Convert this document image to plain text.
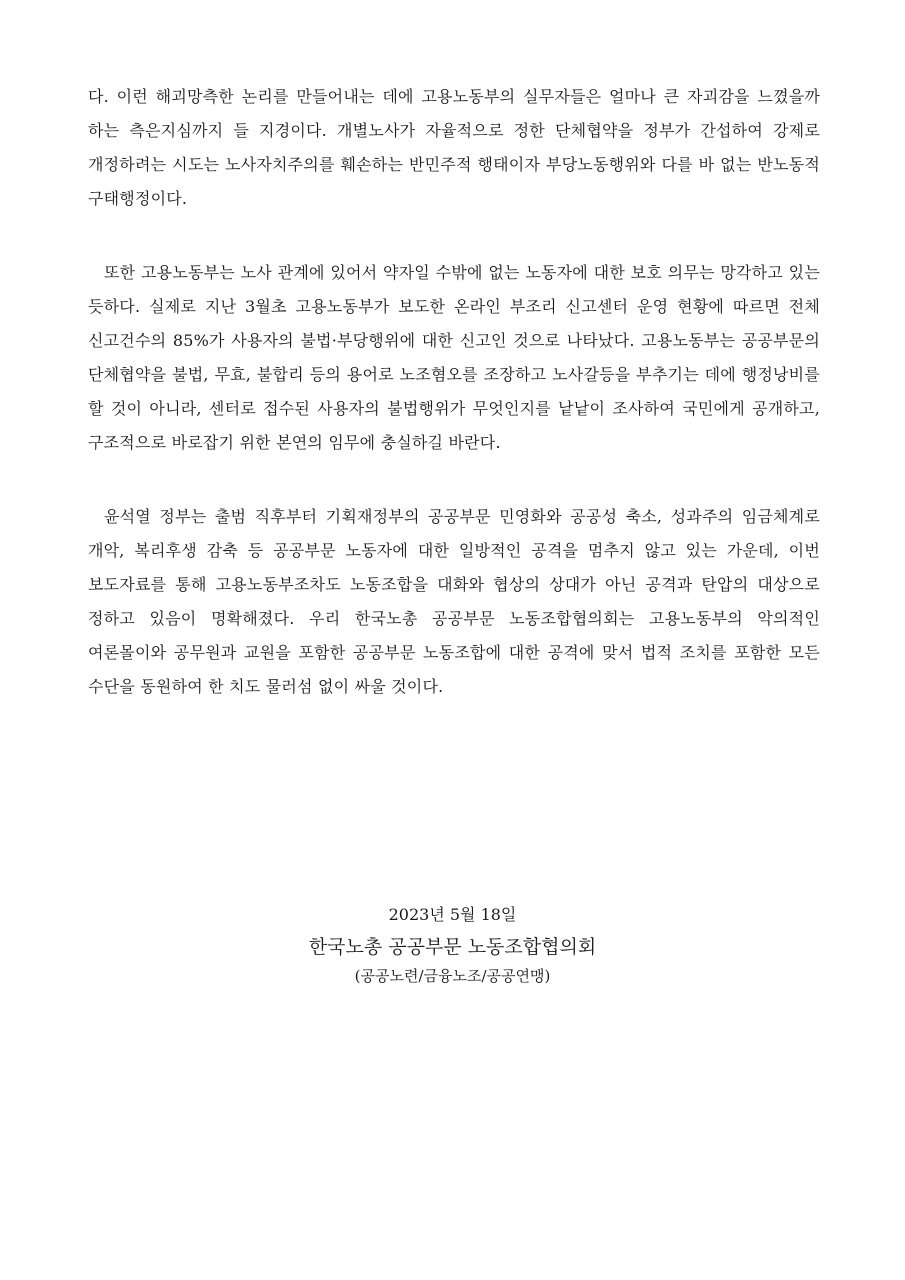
다. 이런 해괴망측한 논리를 만들어내는 데에 고용노동부의 실무자들은 얼마나 큰 자괴감을 느꼈을까 하는 측은지심까지 들 지경이다. 개별노사가 자율적으로 정한 단체협약을 정부가 간섭하여 강제로 개정하려는 시도는 노사자치주의를 훼손하는 반민주적 행태이자 부당노동행위와 다를 바 없는 반노동적 구태행정이다.

또한 고용노동부는 노사 관계에 있어서 약자일 수밖에 없는 노동자에 대한 보호 의무는 망각하고 있는 듯하다. 실제로 지난 3월초 고용노동부가 보도한 온라인 부조리 신고센터 운영 현황에 따르면 전체 신고건수의 85%가 사용자의 불법·부당행위에 대한 신고인 것으로 나타났다. 고용노동부는 공공부문의 단체협약을 불법, 무효, 불합리 등의 용어로 노조혐오를 조장하고 노사갈등을 부추기는 데에 행정낭비를 할 것이 아니라, 센터로 접수된 사용자의 불법행위가 무엇인지를 낱낱이 조사하여 국민에게 공개하고, 구조적으로 바로잡기 위한 본연의 임무에 충실하길 바란다.

윤석열 정부는 출범 직후부터 기획재정부의 공공부문 민영화와 공공성 축소, 성과주의 임금체계로 개악, 복리후생 감축 등 공공부문 노동자에 대한 일방적인 공격을 멈추지 않고 있는 가운데, 이번 보도자료를 통해 고용노동부조차도 노동조합을 대화와 협상의 상대가 아닌 공격과 탄압의 대상으로 정하고 있음이 명확해졌다. 우리 한국노총 공공부문 노동조합협의회는 고용노동부의 악의적인 여론몰이와 공무원과 교원을 포함한 공공부문 노동조합에 대한 공격에 맞서 법적 조치를 포함한 모든 수단을 동원하여 한 치도 물러섬 없이 싸울 것이다.

2023년 5월 18일

한국노총 공공부문 노동조합협의회

(공공노련/금융노조/공공연맹)
